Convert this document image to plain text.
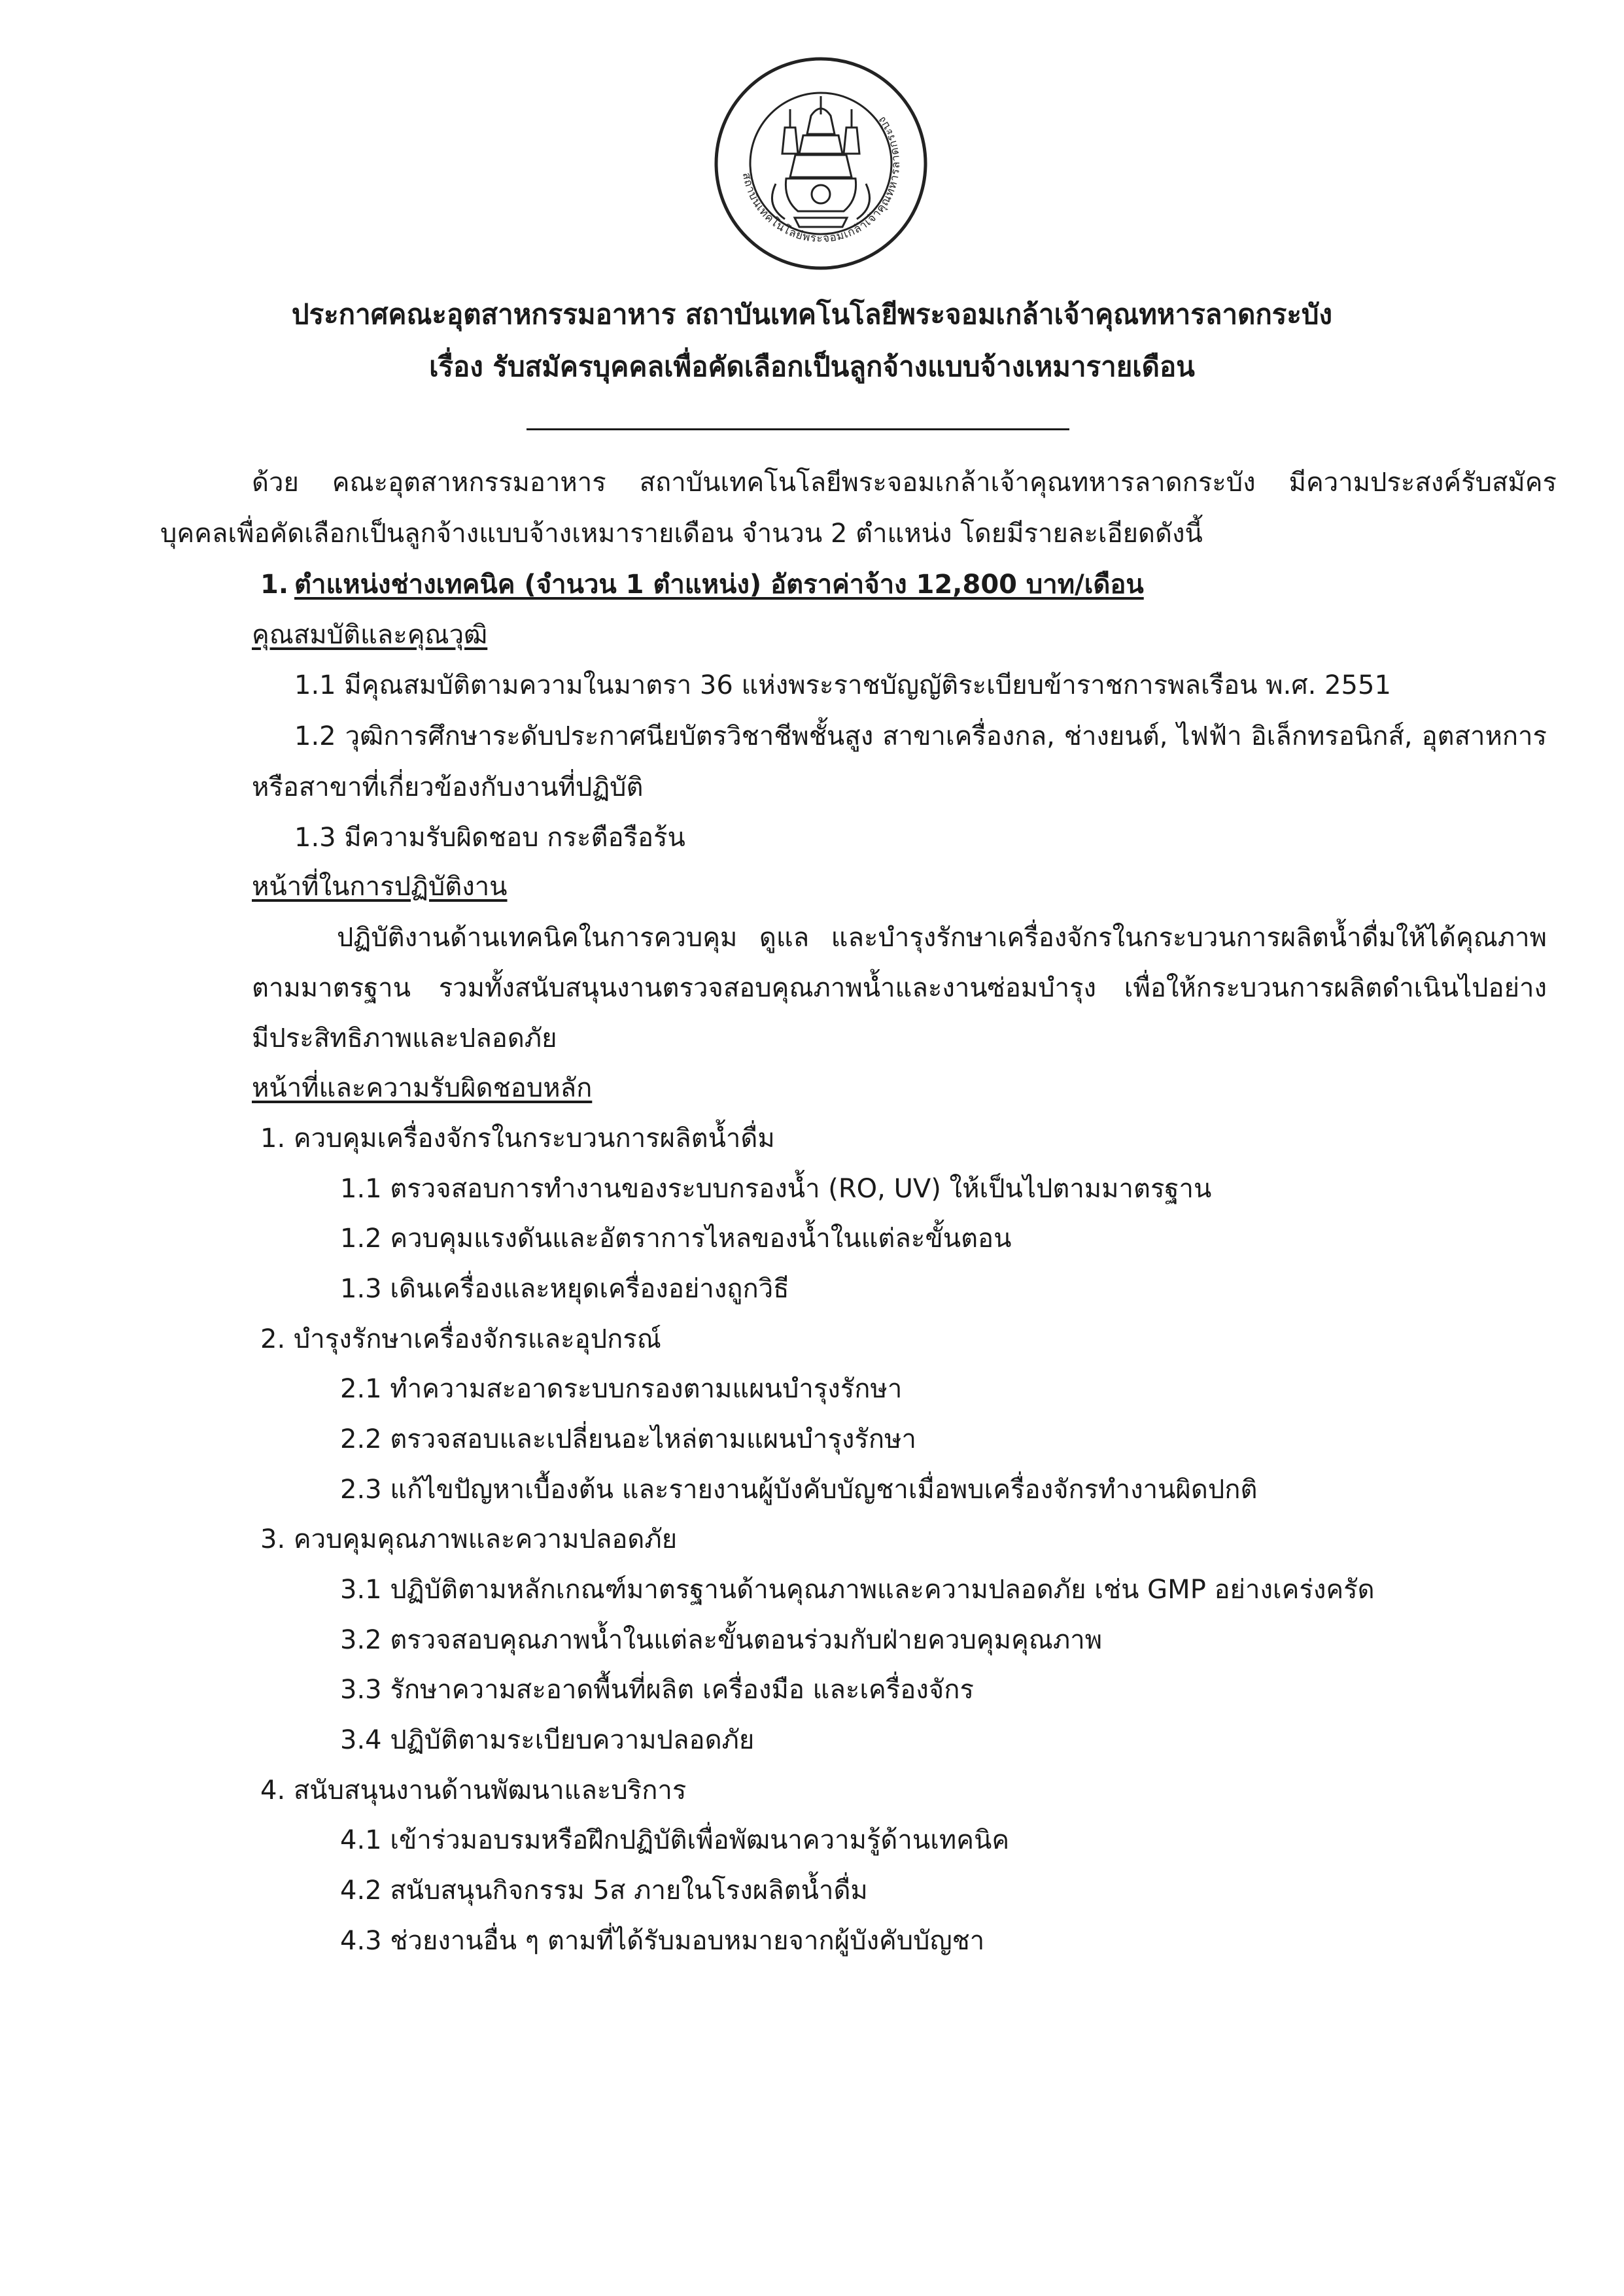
สถาบันเทคโนโลยีพระจอมเกล้าเจ้าคุณทหารลาดกระบัง
ประกาศคณะอุตสาหกรรมอาหาร สถาบันเทคโนโลยีพระจอมเกล้าเจ้าคุณทหารลาดกระบัง
เรื่อง รับสมัครบุคคลเพื่อคัดเลือกเป็นลูกจ้างแบบจ้างเหมารายเดือน
ด้วย คณะอุตสาหกรรมอาหาร สถาบันเทคโนโลยีพระจอมเกล้าเจ้าคุณทหารลาดกระบัง มีความประสงค์รับสมัคร
บุคคลเพื่อคัดเลือกเป็นลูกจ้างแบบจ้างเหมารายเดือน จำนวน 2 ตำแหน่ง โดยมีรายละเอียดดังนี้
1. ตำแหน่งช่างเทคนิค (จำนวน 1 ตำแหน่ง) อัตราค่าจ้าง 12,800 บาท/เดือน
คุณสมบัติและคุณวุฒิ
1.1 มีคุณสมบัติตามความในมาตรา 36 แห่งพระราชบัญญัติระเบียบข้าราชการพลเรือน พ.ศ. 2551
1.2 วุฒิการศึกษาระดับประกาศนียบัตรวิชาชีพชั้นสูง สาขาเครื่องกล, ช่างยนต์, ไฟฟ้า อิเล็กทรอนิกส์, อุตสาหการ
หรือสาขาที่เกี่ยวข้องกับงานที่ปฏิบัติ
1.3 มีความรับผิดชอบ กระตือรือร้น
หน้าที่ในการปฏิบัติงาน
ปฏิบัติงานด้านเทคนิคในการควบคุม ดูแล และบำรุงรักษาเครื่องจักรในกระบวนการผลิตน้ำดื่มให้ได้คุณภาพ
ตามมาตรฐาน รวมทั้งสนับสนุนงานตรวจสอบคุณภาพน้ำและงานซ่อมบำรุง เพื่อให้กระบวนการผลิตดำเนินไปอย่าง
มีประสิทธิภาพและปลอดภัย
หน้าที่และความรับผิดชอบหลัก
1. ควบคุมเครื่องจักรในกระบวนการผลิตน้ำดื่ม
1.1 ตรวจสอบการทำงานของระบบกรองน้ำ (RO, UV) ให้เป็นไปตามมาตรฐาน
1.2 ควบคุมแรงดันและอัตราการไหลของน้ำในแต่ละขั้นตอน
1.3 เดินเครื่องและหยุดเครื่องอย่างถูกวิธี
2. บำรุงรักษาเครื่องจักรและอุปกรณ์
2.1 ทำความสะอาดระบบกรองตามแผนบำรุงรักษา
2.2 ตรวจสอบและเปลี่ยนอะไหล่ตามแผนบำรุงรักษา
2.3 แก้ไขปัญหาเบื้องต้น และรายงานผู้บังคับบัญชาเมื่อพบเครื่องจักรทำงานผิดปกติ
3. ควบคุมคุณภาพและความปลอดภัย
3.1 ปฏิบัติตามหลักเกณฑ์มาตรฐานด้านคุณภาพและความปลอดภัย เช่น GMP อย่างเคร่งครัด
3.2 ตรวจสอบคุณภาพน้ำในแต่ละขั้นตอนร่วมกับฝ่ายควบคุมคุณภาพ
3.3 รักษาความสะอาดพื้นที่ผลิต เครื่องมือ และเครื่องจักร
3.4 ปฏิบัติตามระเบียบความปลอดภัย
4. สนับสนุนงานด้านพัฒนาและบริการ
4.1 เข้าร่วมอบรมหรือฝึกปฏิบัติเพื่อพัฒนาความรู้ด้านเทคนิค
4.2 สนับสนุนกิจกรรม 5ส ภายในโรงผลิตน้ำดื่ม
4.3 ช่วยงานอื่น ๆ ตามที่ได้รับมอบหมายจากผู้บังคับบัญชา
